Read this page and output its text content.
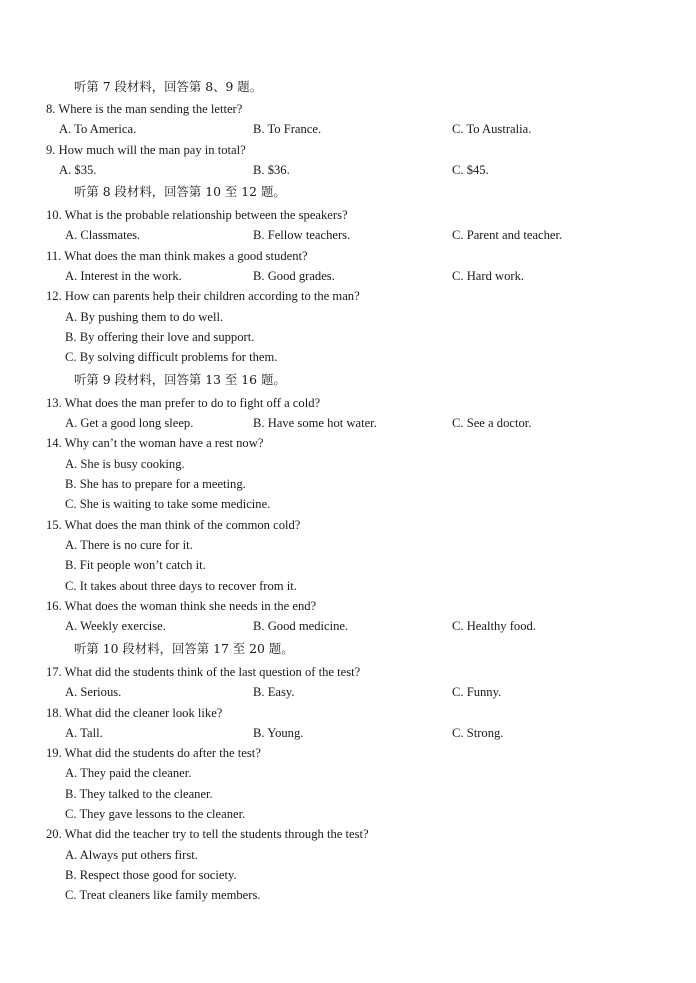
听第 7 段材料，回答第 8、9 题。
8. Where is the man sending the letter?
A. To America.	B. To France.	C. To Australia.
9. How much will the man pay in total?
A. $35.	B. $36.	C. $45.
听第 8 段材料，回答第 10 至 12 题。
10. What is the probable relationship between the speakers?
A. Classmates.	B. Fellow teachers.	C. Parent and teacher.
11. What does the man think makes a good student?
A. Interest in the work.	B. Good grades.	C. Hard work.
12. How can parents help their children according to the man?
A. By pushing them to do well.
B. By offering their love and support.
C. By solving difficult problems for them.
听第 9 段材料，回答第 13 至 16 题。
13. What does the man prefer to do to fight off a cold?
A. Get a good long sleep.	B. Have some hot water.	C. See a doctor.
14. Why can’t the woman have a rest now?
A. She is busy cooking.
B. She has to prepare for a meeting.
C. She is waiting to take some medicine.
15. What does the man think of the common cold?
A. There is no cure for it.
B. Fit people won’t catch it.
C. It takes about three days to recover from it.
16. What does the woman think she needs in the end?
A. Weekly exercise.	B. Good medicine.	C. Healthy food.
听第 10 段材料，回答第 17 至 20 题。
17. What did the students think of the last question of the test?
A. Serious.	B. Easy.	C. Funny.
18. What did the cleaner look like?
A. Tall.	B. Young.	C. Strong.
19. What did the students do after the test?
A. They paid the cleaner.
B. They talked to the cleaner.
C. They gave lessons to the cleaner.
20. What did the teacher try to tell the students through the test?
A. Always put others first.
B. Respect those good for society.
C. Treat cleaners like family members.
